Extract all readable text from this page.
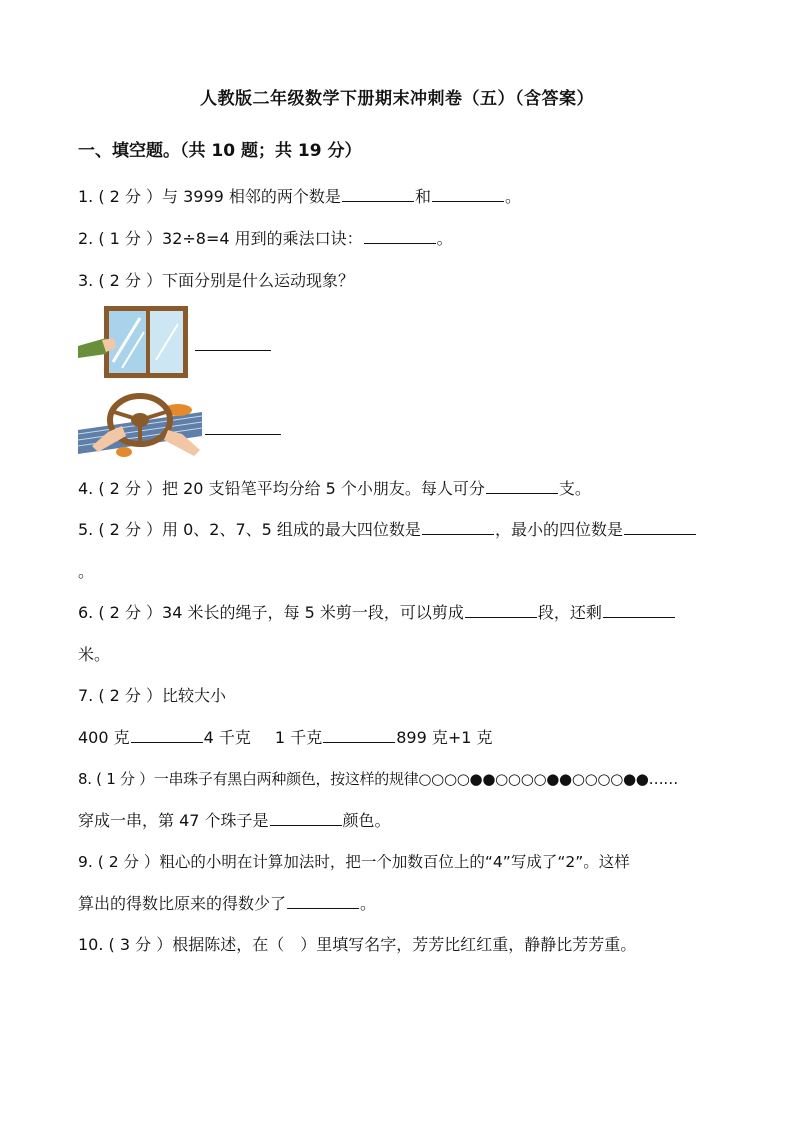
人教版二年级数学下册期末冲刺卷（五）（含答案）
一、填空题。（共 10 题；共 19 分）
1. ( 2 分 ）与 3999 相邻的两个数是	和	。
2. ( 1 分 ）32÷8=4 用到的乘法口诀：	。
3. ( 2 分 ）下面分别是什么运动现象？
4. ( 2 分 ）把 20 支铅笔平均分给 5 个小朋友。每人可分	支。
5. ( 2 分 ）用 0、2、7、5 组成的最大四位数是	，最小的四位数是
。
6. ( 2 分 ）34 米长的绳子，每 5 米剪一段，可以剪成	段，还剩
米。
7. ( 2 分 ）比较大小
400 克	4 千克 1 千克	899 克+1 克
8. ( 1 分 ）一串珠子有黑白两种颜色，按这样的规律○○○○●●○○○○●●○○○○●●……
穿成一串，第 47 个珠子是	颜色。
9. ( 2 分 ）粗心的小明在计算加法时，把一个加数百位上的“4”写成了“2”。这样
算出的得数比原来的得数少了	。
10. ( 3 分 ）根据陈述，在（　）里填写名字，芳芳比红红重，静静比芳芳重。
